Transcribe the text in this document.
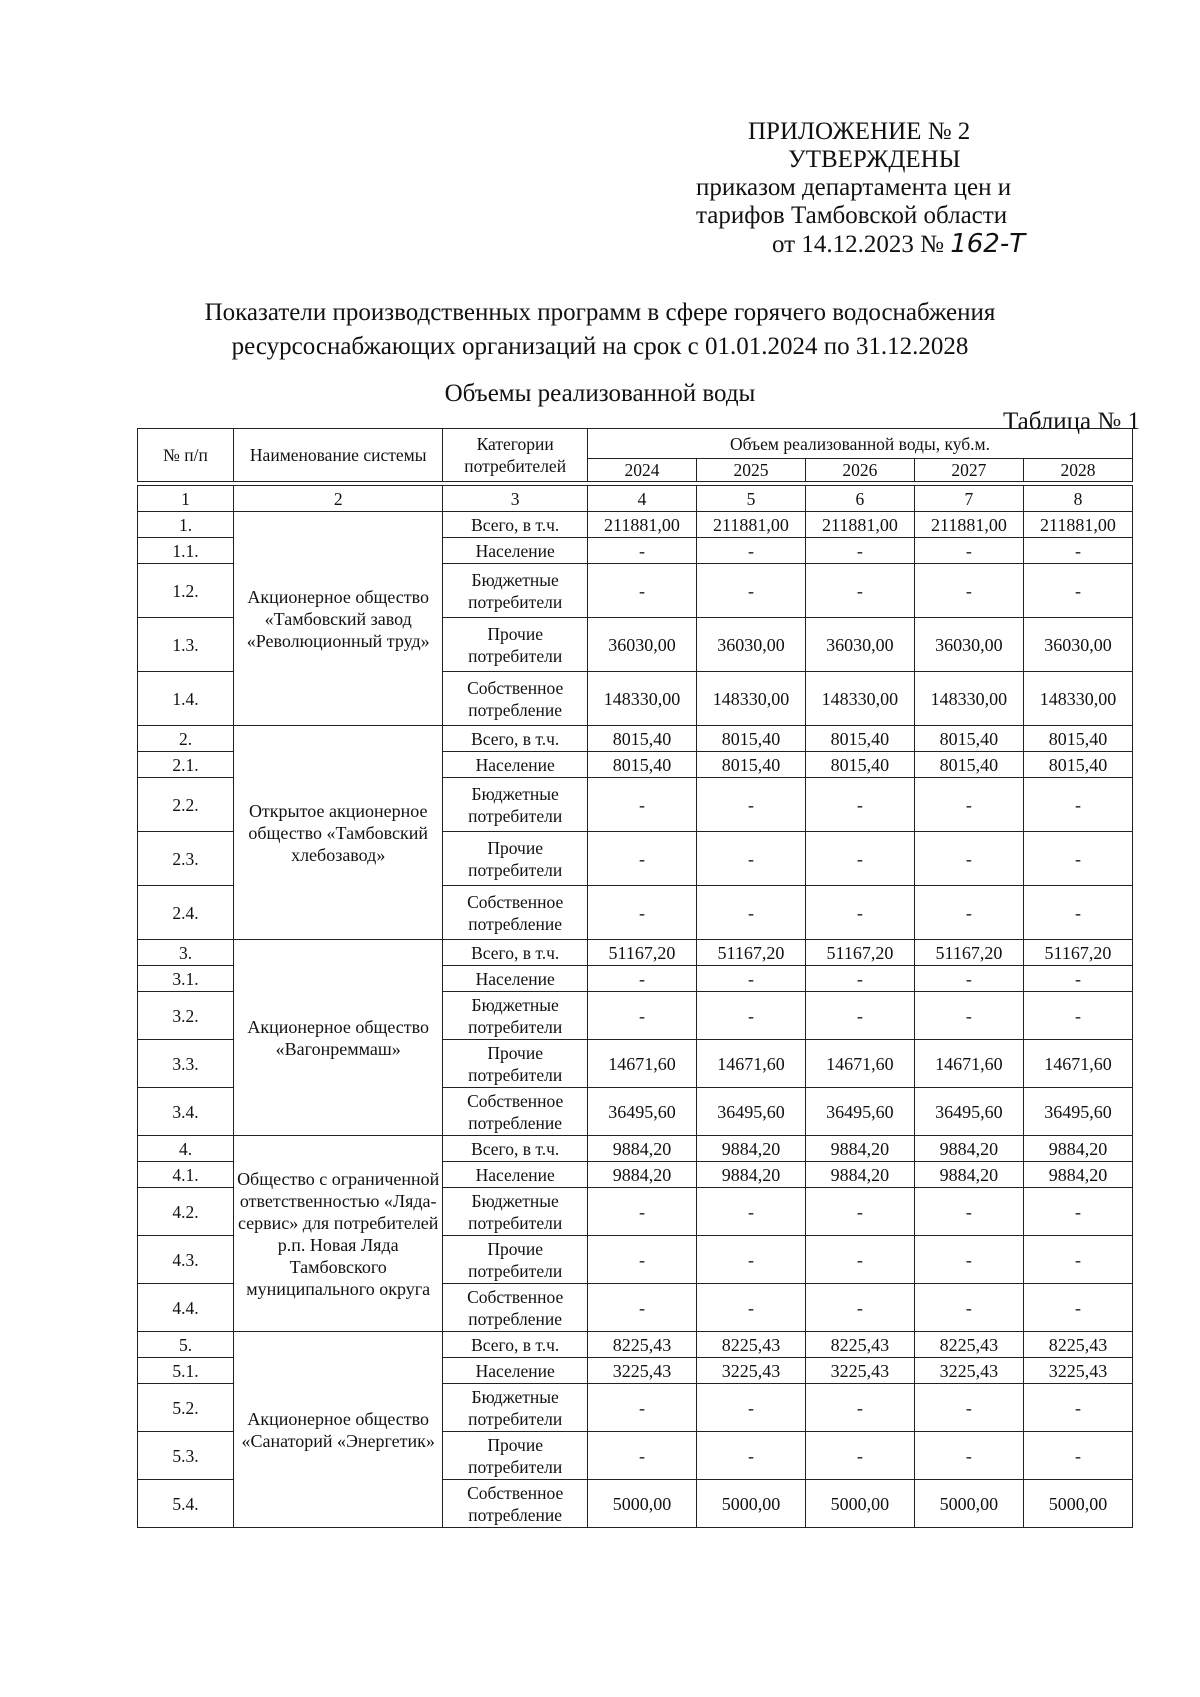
ПРИЛОЖЕНИЕ № 2
УТВЕРЖДЕНЫ
приказом департамента цен и
тарифов Тамбовской области
от 14.12.2023 № 162-Т
Показатели производственных программ в сфере горячего водоснабжения
ресурсоснабжающих организаций на срок с 01.01.2024 по 31.12.2028
Объемы реализованной воды
Таблица № 1
№ п/п	Наименование системы	Категории потребителей	Объем реализованной воды, куб.м.				
			2024	2025	2026	2027	2028

1	2	3	4	5	6	7	8
1.	Акционерное общество «Тамбовский завод «Революционный труд»	Всего, в т.ч.	211881,00	211881,00	211881,00	211881,00	211881,00
1.1.		Население	-	-	-	-	-
1.2.		Бюджетные потребители	-	-	-	-	-
1.3.		Прочие потребители	36030,00	36030,00	36030,00	36030,00	36030,00
1.4.		Собственное потребление	148330,00	148330,00	148330,00	148330,00	148330,00
2.	Открытое акционерное общество «Тамбовский хлебозавод»	Всего, в т.ч.	8015,40	8015,40	8015,40	8015,40	8015,40
2.1.		Население	8015,40	8015,40	8015,40	8015,40	8015,40
2.2.		Бюджетные потребители	-	-	-	-	-
2.3.		Прочие потребители	-	-	-	-	-
2.4.		Собственное потребление	-	-	-	-	-
3.	Акционерное общество «Вагонреммаш»	Всего, в т.ч.	51167,20	51167,20	51167,20	51167,20	51167,20
3.1.		Население	-	-	-	-	-
3.2.		Бюджетные потребители	-	-	-	-	-
3.3.		Прочие потребители	14671,60	14671,60	14671,60	14671,60	14671,60
3.4.		Собственное потребление	36495,60	36495,60	36495,60	36495,60	36495,60
4.	Общество с ограниченной ответственностью «Ляда-сервис» для потребителей р.п. Новая Ляда Тамбовского муниципального округа	Всего, в т.ч.	9884,20	9884,20	9884,20	9884,20	9884,20
4.1.		Население	9884,20	9884,20	9884,20	9884,20	9884,20
4.2.		Бюджетные потребители	-	-	-	-	-
4.3.		Прочие потребители	-	-	-	-	-
4.4.		Собственное потребление	-	-	-	-	-
5.	Акционерное общество «Санаторий «Энергетик»	Всего, в т.ч.	8225,43	8225,43	8225,43	8225,43	8225,43
5.1.		Население	3225,43	3225,43	3225,43	3225,43	3225,43
5.2.		Бюджетные потребители	-	-	-	-	-
5.3.		Прочие потребители	-	-	-	-	-
5.4.		Собственное потребление	5000,00	5000,00	5000,00	5000,00	5000,00
